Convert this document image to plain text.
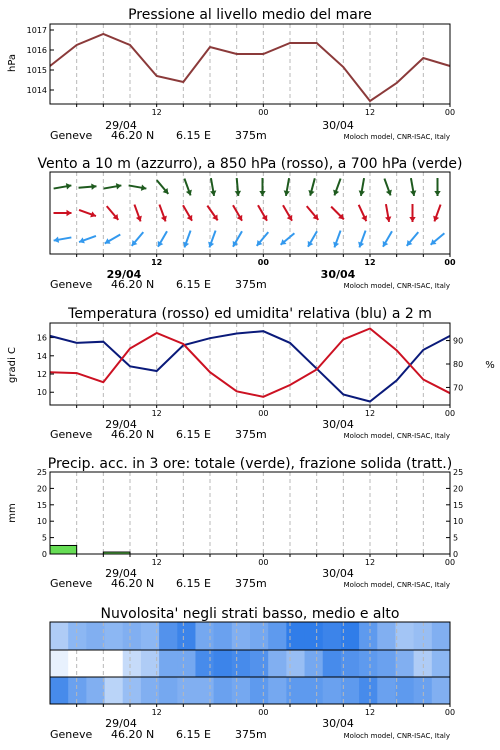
Pressione al livello medio del mare
hPa
1014
1015
1016
1017
12	00	12	00
29/04	30/04
Geneve 46.20 N 6.15 E 375m	Moloch model, CNR-ISAC, Italy
Vento a 10 m (azzurro), a 850 hPa (rosso), a 700 hPa (verde)
12	00	12	00
29/04	30/04
Geneve 46.20 N 6.15 E 375m	Moloch model, CNR-ISAC, Italy
Temperatura (rosso) ed umidita' relativa (blu) a 2 m
gradi C	%
10
12
14
16
70
80
90
12	00	12	00
29/04	30/04
Geneve 46.20 N 6.15 E 375m	Moloch model, CNR-ISAC, Italy
Precip. acc. in 3 ore: totale (verde), frazione solida (tratt.)
mm
0
5
10
15
20
25
0
5
10
15
20
25
12	00	12	00
29/04	30/04
Geneve 46.20 N 6.15 E 375m	Moloch model, CNR-ISAC, Italy
Nuvolosita' negli strati basso, medio e alto
12	00	12	00
29/04	30/04
Geneve 46.20 N 6.15 E 375m	Moloch model, CNR-ISAC, Italy
